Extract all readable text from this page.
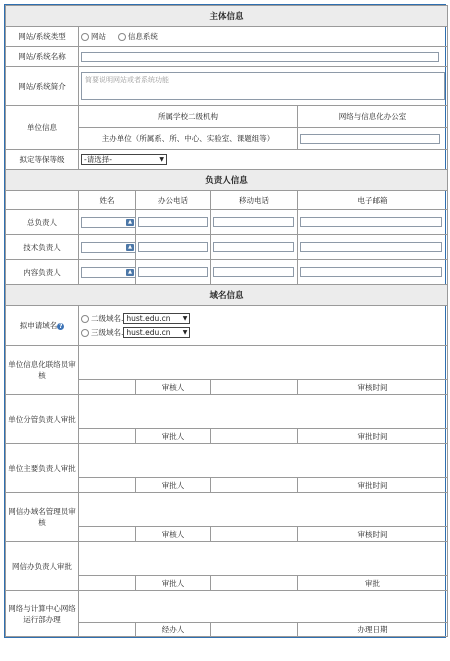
主体信息				
网站/系统类型	网站 信息系统			
网站/系统名称				
网站/系统简介	简要说明网站或者系统功能			

单位信息	所属学校二级机构			网络与信息化办公室
	主办单位（所属系、所、中心、实验室、课题组等）			
拟定等保等级	-请选择- ▼			

负责人信息				
	姓名	办公电话	移动电话	电子邮箱
总负责人	▲			

技术负责人	▲			

内容负责人	▲			

域名信息				
拟申请域名 ?	二级域名. hust.edu.cn ▼
三级域名. hust.edu.cn ▼			

单位信息化联络员审核				
		审核人		审核时间
单位分管负责人审批				
		审批人		审批时间
单位主要负责人审批				
		审批人		审批时间
网信办域名管理员审核				
		审核人		审核时间
网信办负责人审批				
		审批人		审批
网络与计算中心网络运行部办理				
		经办人		办理日期
